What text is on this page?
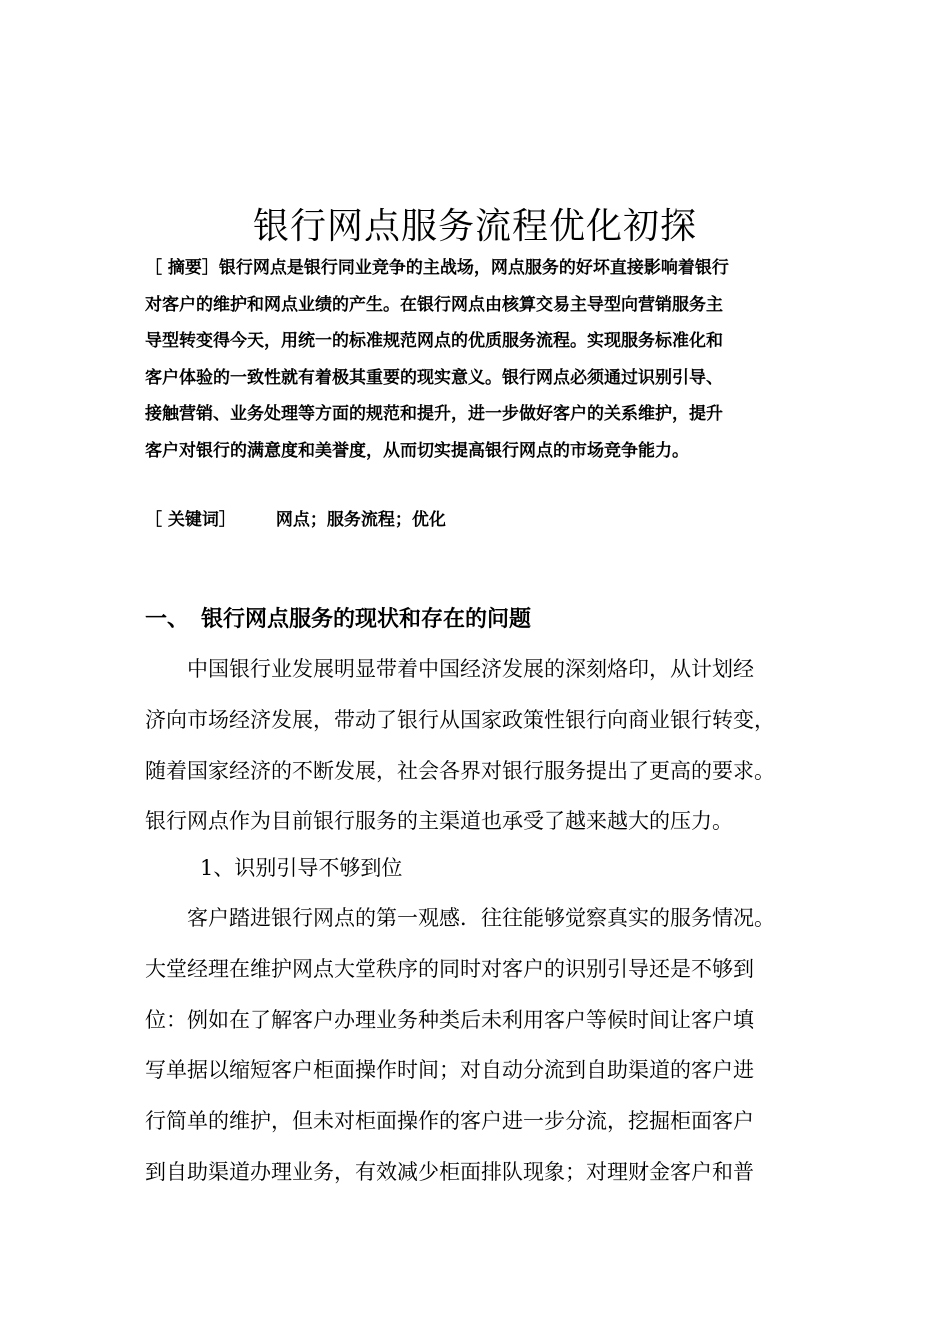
银行网点服务流程优化初探
［ 摘要］银行网点是银行同业竞争的主战场，网点服务的好坏直接影响着银行
对客户的维护和网点业绩的产生。在银行网点由核算交易主导型向营销服务主
导型转变得今天，用统一的标准规范网点的优质服务流程。实现服务标准化和
客户体验的一致性就有着极其重要的现实意义。银行网点必须通过识别引导、
接触营销、业务处理等方面的规范和提升，进一步做好客户的关系维护，提升
客户对银行的满意度和美誉度，从而切实提高银行网点的市场竞争能力。
［ 关键词］ 网点；服务流程；优化
一、 银行网点服务的现状和存在的问题
　　中国银行业发展明显带着中国经济发展的深刻烙印，从计划经
济向市场经济发展，带动了银行从国家政策性银行向商业银行转变，
随着国家经济的不断发展，社会各界对银行服务提出了更高的要求。
银行网点作为目前银行服务的主渠道也承受了越来越大的压力。
1、识别引导不够到位
　　客户踏进银行网点的第一观感．往往能够觉察真实的服务情况。
大堂经理在维护网点大堂秩序的同时对客户的识别引导还是不够到
位：例如在了解客户办理业务种类后未利用客户等候时间让客户填
写单据以缩短客户柜面操作时间；对自动分流到自助渠道的客户进
行简单的维护，但未对柜面操作的客户进一步分流，挖掘柜面客户
到自助渠道办理业务，有效减少柜面排队现象；对理财金客户和普
